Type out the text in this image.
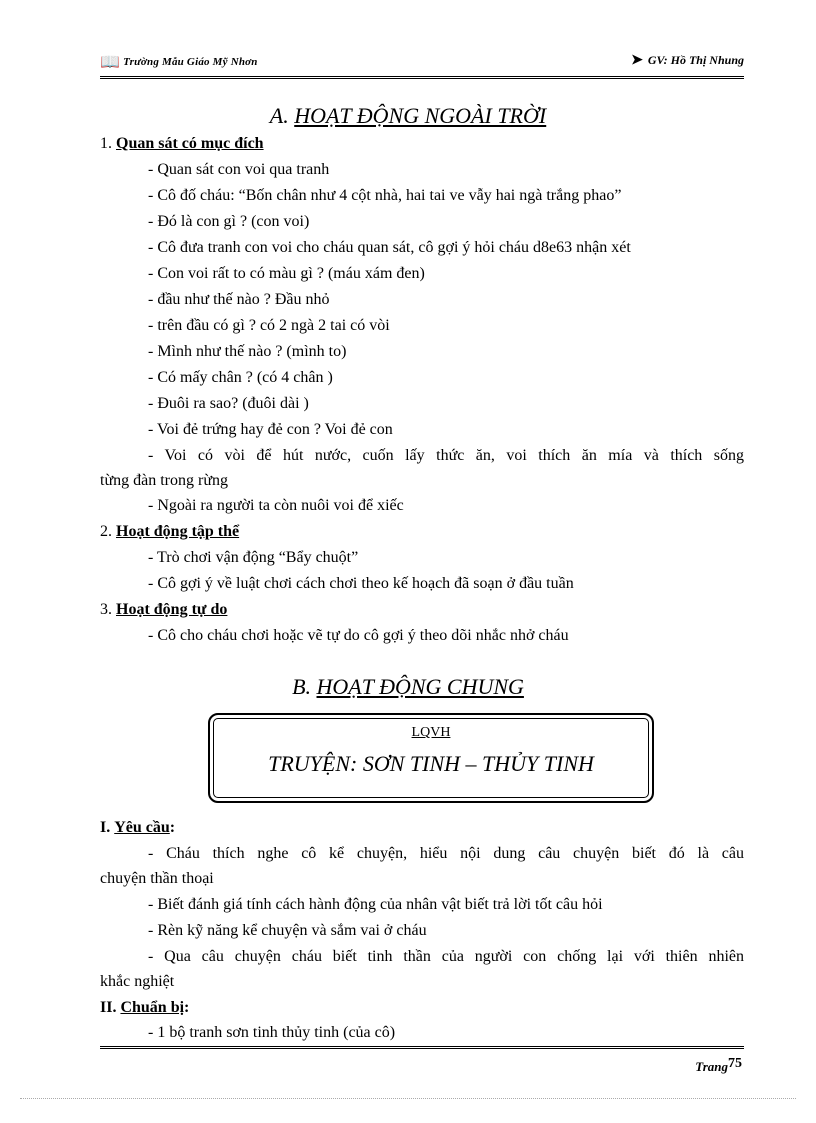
📖 Trường Mẫu Giáo Mỹ Nhơn	➤ GV: Hồ Thị Nhung
A. HOẠT ĐỘNG NGOÀI TRỜI
1. Quan sát có mục đích
- Quan sát con voi qua tranh
- Cô đố cháu: “Bốn chân như 4 cột nhà, hai tai ve vẫy hai ngà trắng phao”
- Đó là con gì ? (con voi)
- Cô đưa tranh con voi cho cháu quan sát, cô gợi ý hỏi cháu d8e63 nhận xét
- Con voi rất to có màu gì ? (máu xám đen)
- đầu như thế nào ? Đầu nhỏ
- trên đầu có gì ? có 2 ngà 2 tai có vòi
- Mình như thế nào ? (mình to)
- Có mấy chân ? (có 4 chân )
- Đuôi ra sao? (đuôi dài )
- Voi đẻ trứng hay đẻ con ? Voi đẻ con
- Voi có vòi để hút nước, cuốn lấy thức ăn, voi thích ăn mía và thích sống
từng đàn trong rừng
- Ngoài ra người ta còn nuôi voi để xiếc
2. Hoạt động tập thể
- Trò chơi vận động “Bẩy chuột”
- Cô gợi ý về luật chơi cách chơi theo kế hoạch đã soạn ở đầu tuần
3. Hoạt động tự do
- Cô cho cháu chơi hoặc vẽ tự do cô gợi ý theo dõi nhắc nhở cháu
B. HOẠT ĐỘNG CHUNG
LQVH
TRUYỆN: SƠN TINH – THỦY TINH
I. Yêu cầu:
- Cháu thích nghe cô kể chuyện, hiểu nội dung câu chuyện biết đó là câu
chuyện thần thoại
- Biết đánh giá tính cách hành động của nhân vật biết trả lời tốt câu hỏi
- Rèn kỹ năng kể chuyện và sắm vai ở cháu
- Qua câu chuyện cháu biết tinh thần của người con chống lại với thiên nhiên
khắc nghiệt
II. Chuẩn bị:
- 1 bộ tranh sơn tinh thủy tinh (của cô)
Trang75
